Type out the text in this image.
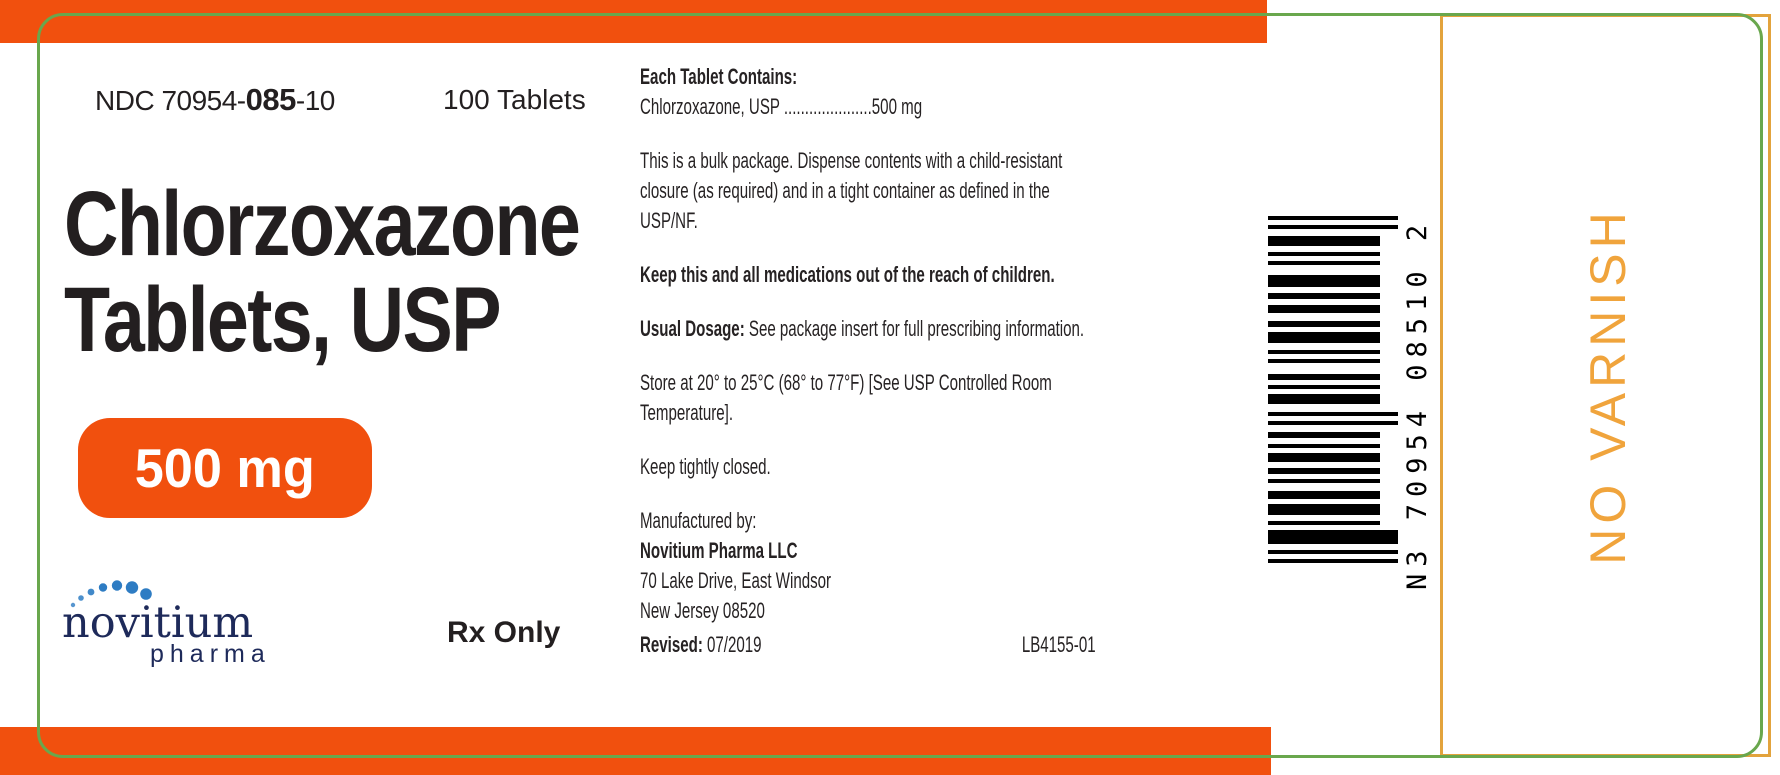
NDC 70954-085-10	100 Tablets
Chlorzoxazone
Tablets, USP
500 mg
novitium
pharma
Rx Only

Each Tablet Contains:
Chlorzoxazone, USP .....................500 mg

This is a bulk package. Dispense contents with a child-resistant closure (as required) and in a tight container as defined in the USP/NF.

Keep this and all medications out of the reach of children.

Usual Dosage: See package insert for full prescribing information.

Store at 20° to 25°C (68° to 77°F) [See USP Controlled Room Temperature].

Keep tightly closed.

Manufactured by:
Novitium Pharma LLC
70 Lake Drive, East Windsor
New Jersey 08520
Revised: 07/2019	LB4155-01
N3 70954 08510 2	NO VARNISH
